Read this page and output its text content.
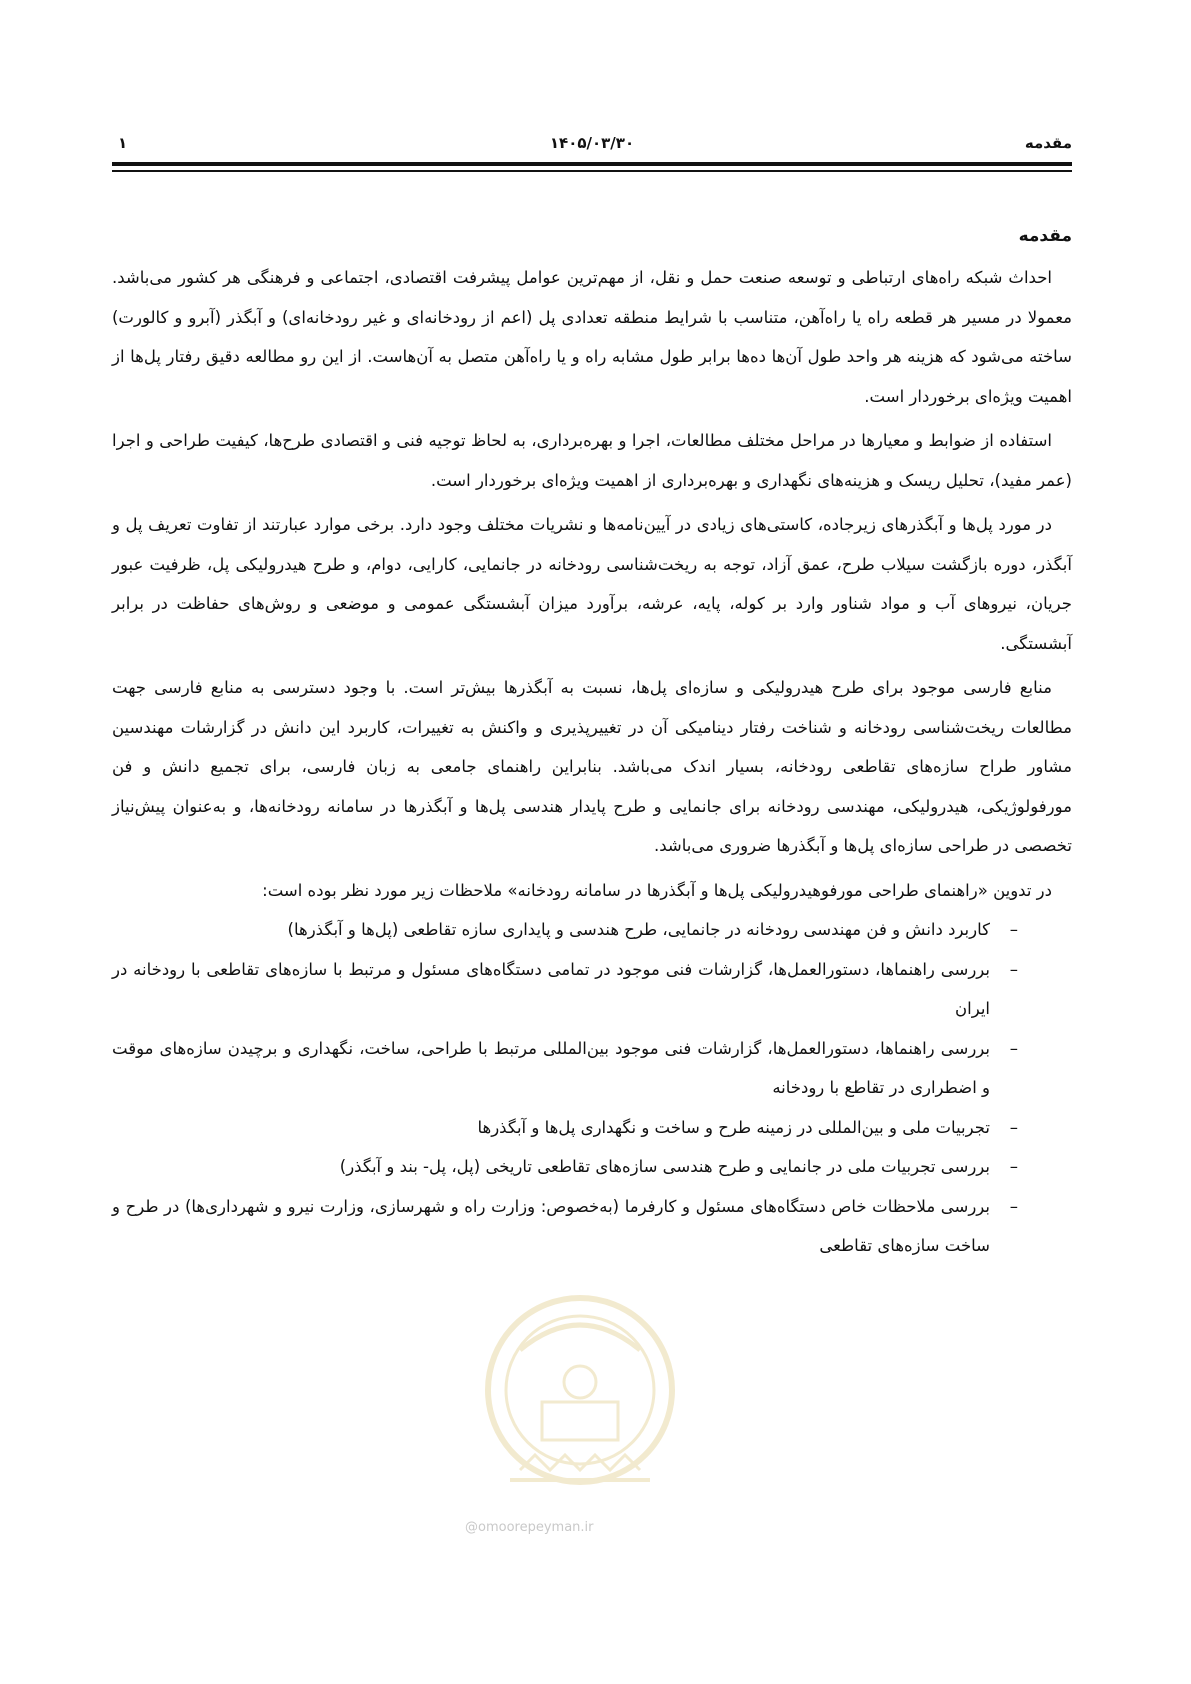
۱	۱۴۰۵/۰۳/۳۰	مقدمه
مقدمه

احداث شبکه راه‌های ارتباطی و توسعه صنعت حمل و نقل، از مهم‌ترین عوامل پیشرفت اقتصادی، اجتماعی و فرهنگی هر کشور می‌باشد. معمولا در مسیر هر قطعه راه یا راه‌آهن، متناسب با شرایط منطقه تعدادی پل (اعم از رودخانه‌ای و غیر رودخانه‌ای) و آبگذر (آبرو و کالورت) ساخته می‌شود که هزینه هر واحد طول آن‌ها ده‌ها برابر طول مشابه راه و یا راه‌آهن متصل به آن‌هاست. از این رو مطالعه دقیق رفتار پل‌ها از اهمیت ویژه‌ای برخوردار است.

استفاده از ضوابط و معیارها در مراحل مختلف مطالعات، اجرا و بهره‌برداری، به لحاظ توجیه فنی و اقتصادی طرح‌ها، کیفیت طراحی و اجرا (عمر مفید)، تحلیل ریسک و هزینه‌های نگهداری و بهره‌برداری از اهمیت ویژه‌ای برخوردار است.

در مورد پل‌ها و آبگذرهای زیرجاده، کاستی‌های زیادی در آیین‌نامه‌ها و نشریات مختلف وجود دارد. برخی موارد عبارتند از تفاوت تعریف پل و آبگذر، دوره بازگشت سیلاب طرح، عمق آزاد، توجه به ریخت‌شناسی رودخانه در جانمایی، کارایی، دوام، و طرح هیدرولیکی پل، ظرفیت عبور جریان، نیروهای آب و مواد شناور وارد بر کوله، پایه، عرشه، برآورد میزان آبشستگی عمومی و موضعی و روش‌های حفاظت در برابر آبشستگی.

منابع فارسی موجود برای طرح هیدرولیکی و سازه‌ای پل‌ها، نسبت به آبگذرها بیش‌تر است. با وجود دسترسی به منابع فارسی جهت مطالعات ریخت‌شناسی رودخانه و شناخت رفتار دینامیکی آن در تغییرپذیری و واکنش به تغییرات، کاربرد این دانش در گزارشات مهندسین مشاور طراح سازه‌های تقاطعی رودخانه، بسیار اندک می‌باشد. بنابراین راهنمای جامعی به زبان فارسی، برای تجمیع دانش و فن مورفولوژیکی، هیدرولیکی، مهندسی رودخانه برای جانمایی و طرح پایدار هندسی پل‌ها و آبگذرها در سامانه رودخانه‌ها، و به‌عنوان پیش‌نیاز تخصصی در طراحی سازه‌ای پل‌ها و آبگذرها ضروری می‌باشد.

در تدوین «راهنمای طراحی مورفوهیدرولیکی پل‌ها و آبگذرها در سامانه رودخانه» ملاحظات زیر مورد نظر بوده است:

–
کاربرد دانش و فن مهندسی رودخانه در جانمایی، طرح هندسی و پایداری سازه تقاطعی (پل‌ها و آبگذرها)
–
بررسی راهنماها، دستورالعمل‌ها، گزارشات فنی موجود در تمامی دستگاه‌های مسئول و مرتبط با سازه‌های تقاطعی با رودخانه در ایران
–
بررسی راهنماها، دستورالعمل‌ها، گزارشات فنی موجود بین‌المللی مرتبط با طراحی، ساخت، نگهداری و برچیدن سازه‌های موقت و اضطراری در تقاطع با رودخانه
–
تجربیات ملی و بین‌المللی در زمینه طرح و ساخت و نگهداری پل‌ها و آبگذرها
–
بررسی تجربیات ملی در جانمایی و طرح هندسی سازه‌های تقاطعی تاریخی (پل، پل- بند و آبگذر)
–
بررسی ملاحظات خاص دستگاه‌های مسئول و کارفرما (به‌خصوص: وزارت راه و شهرسازی، وزارت نیرو و شهرداری‌ها) در طرح و ساخت سازه‌های تقاطعی
@omoorepeyman.ir
